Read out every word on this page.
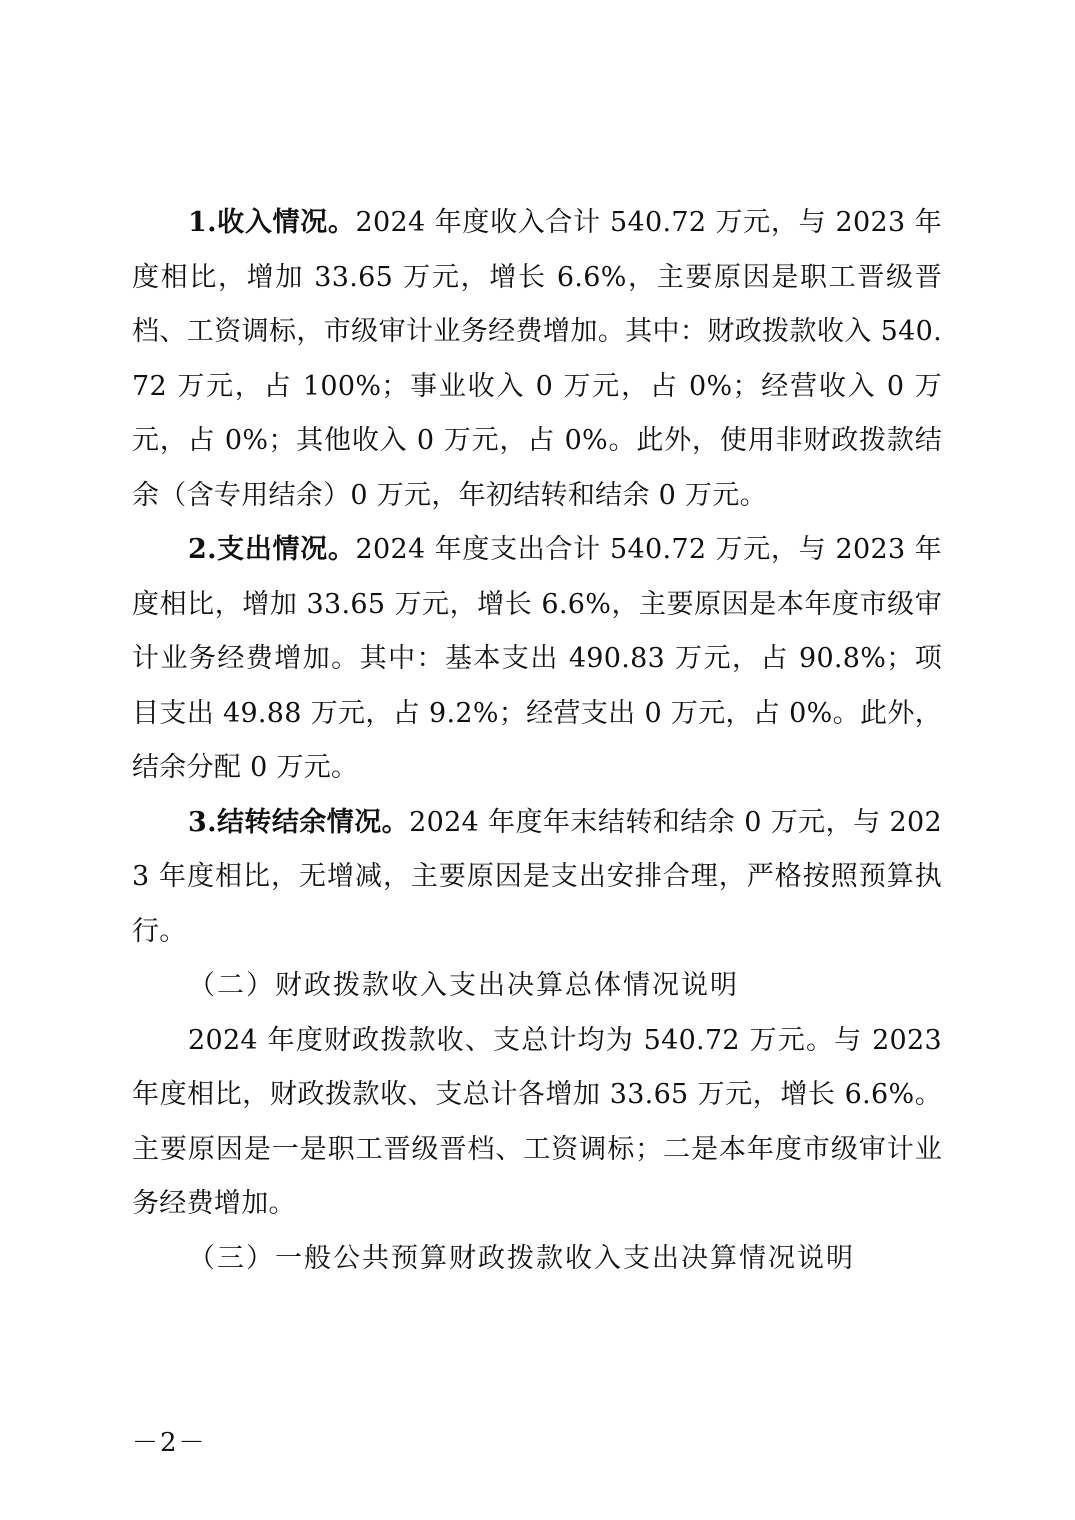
1.收入情况。2024 年度收入合计 540.72 万元，与 2023 年度相比，增加 33.65 万元，增长 6.6%，主要原因是职工晋级晋档、工资调标，市级审计业务经费增加。其中：财政拨款收入 540.72 万元，占 100%；事业收入 0 万元，占 0%；经营收入 0 万元，占 0%；其他收入 0 万元，占 0%。此外，使用非财政拨款结余（含专用结余）0 万元，年初结转和结余 0 万元。

2.支出情况。2024 年度支出合计 540.72 万元，与 2023 年度相比，增加 33.65 万元，增长 6.6%，主要原因是本年度市级审计业务经费增加。其中：基本支出 490.83 万元，占 90.8%；项目支出 49.88 万元，占 9.2%；经营支出 0 万元，占 0%。此外，结余分配 0 万元。

3.结转结余情况。2024 年度年末结转和结余 0 万元，与 2023 年度相比，无增减，主要原因是支出安排合理，严格按照预算执行。

（二）财政拨款收入支出决算总体情况说明

2024 年度财政拨款收、支总计均为 540.72 万元。与 2023 年度相比，财政拨款收、支总计各增加 33.65 万元，增长 6.6%。主要原因是一是职工晋级晋档、工资调标；二是本年度市级审计业务经费增加。

（三）一般公共预算财政拨款收入支出决算情况说明

－2－
